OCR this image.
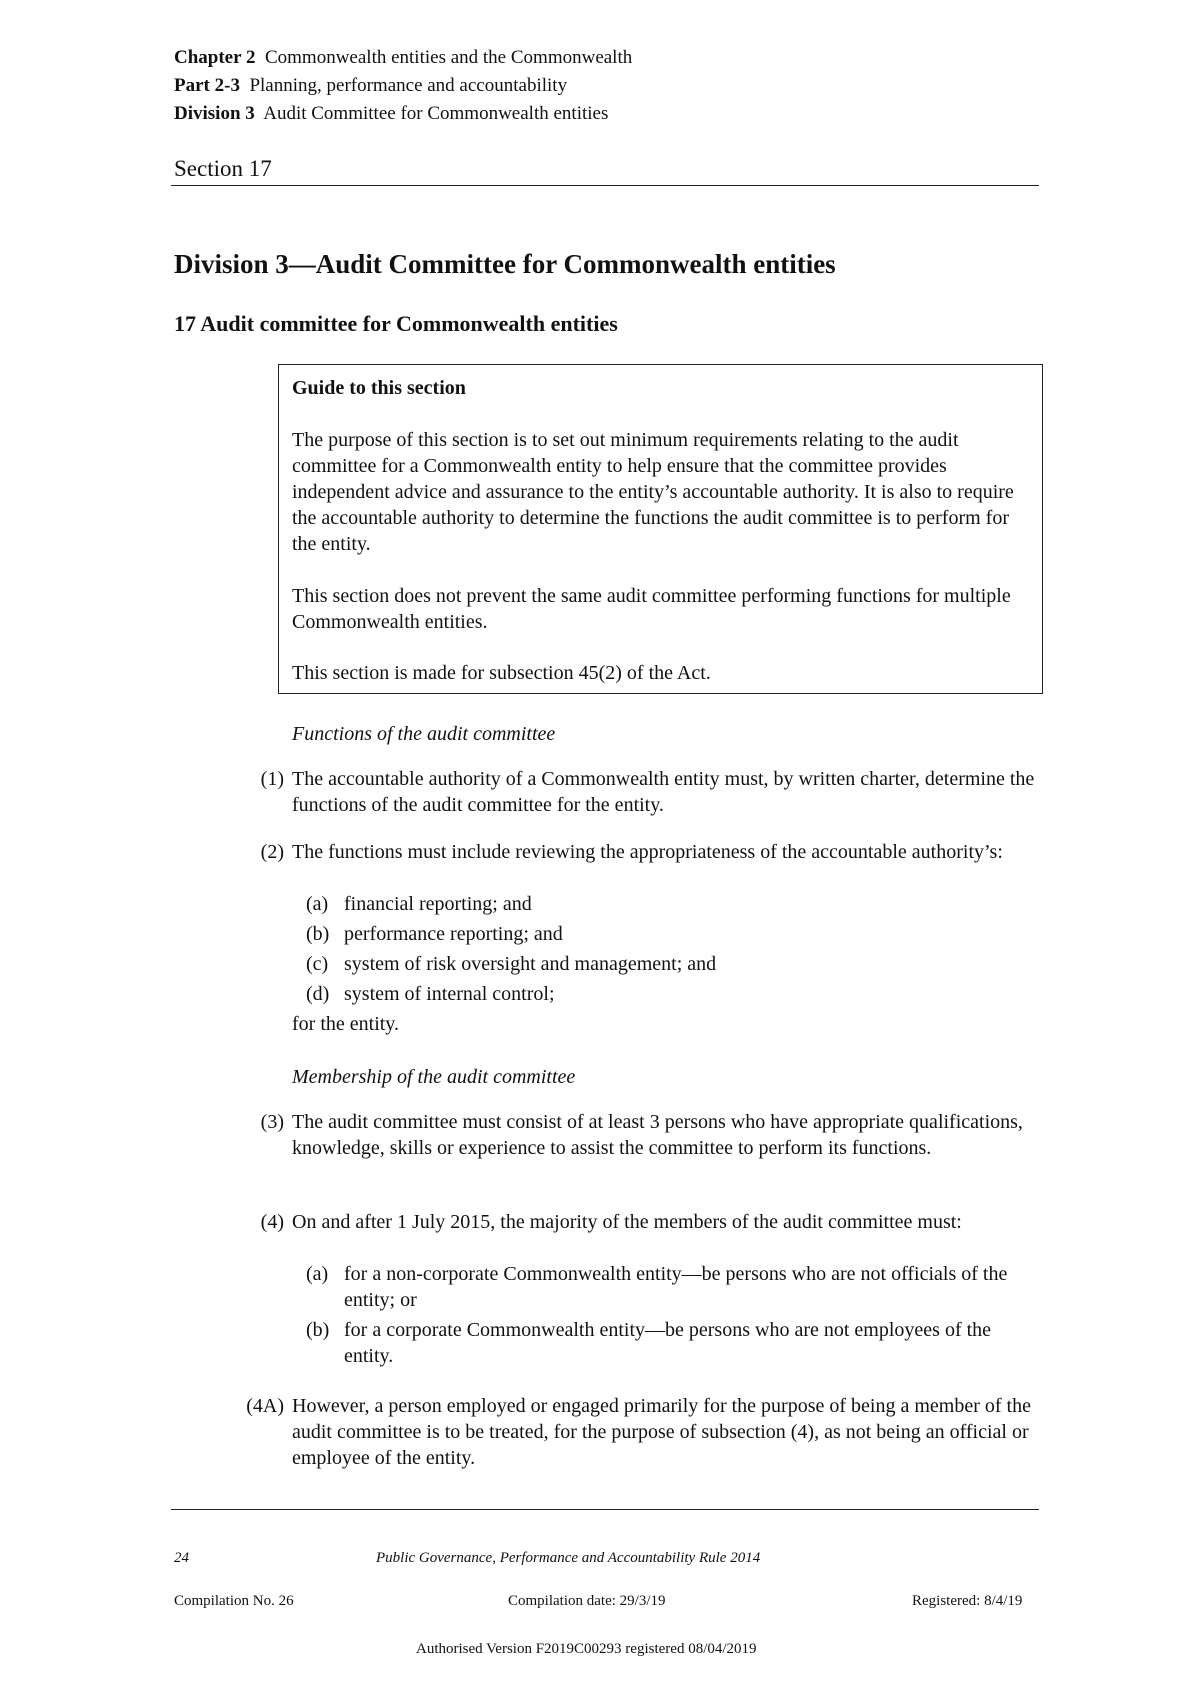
Chapter 2 Commonwealth entities and the Commonwealth
Part 2-3 Planning, performance and accountability
Division 3 Audit Committee for Commonwealth entities
Section 17
Division 3—Audit Committee for Commonwealth entities
17 Audit committee for Commonwealth entities
Guide to this section
The purpose of this section is to set out minimum requirements relating to the audit committee for a Commonwealth entity to help ensure that the committee provides independent advice and assurance to the entity’s accountable authority. It is also to require the accountable authority to determine the functions the audit committee is to perform for the entity.
This section does not prevent the same audit committee performing functions for multiple Commonwealth entities.
This section is made for subsection 45(2) of the Act.
Functions of the audit committee
(1) The accountable authority of a Commonwealth entity must, by written charter, determine the functions of the audit committee for the entity.
(2) The functions must include reviewing the appropriateness of the accountable authority’s:
(a) financial reporting; and
(b) performance reporting; and
(c) system of risk oversight and management; and
(d) system of internal control;
for the entity.
Membership of the audit committee
(3) The audit committee must consist of at least 3 persons who have appropriate qualifications, knowledge, skills or experience to assist the committee to perform its functions.
(4) On and after 1 July 2015, the majority of the members of the audit committee must:
(a) for a non-corporate Commonwealth entity—be persons who are not officials of the entity; or
(b) for a corporate Commonwealth entity—be persons who are not employees of the entity.
(4A) However, a person employed or engaged primarily for the purpose of being a member of the audit committee is to be treated, for the purpose of subsection (4), as not being an official or employee of the entity.
24	Public Governance, Performance and Accountability Rule 2014
Compilation No. 26	Compilation date: 29/3/19	Registered: 8/4/19
Authorised Version F2019C00293 registered 08/04/2019
